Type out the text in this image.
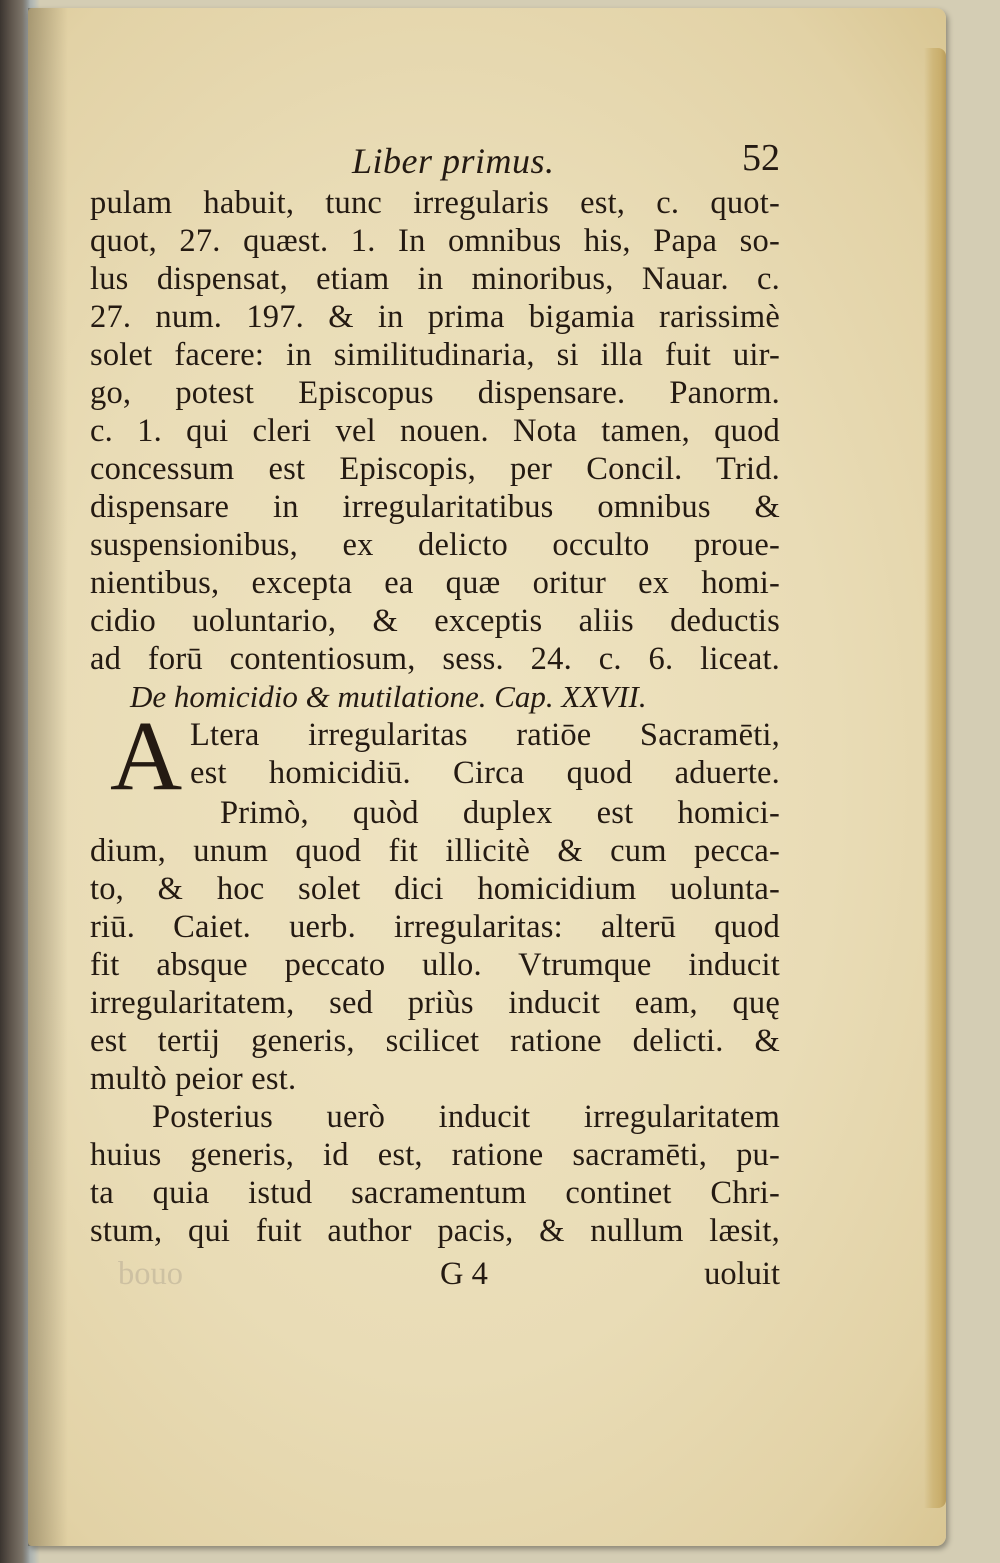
Liber primus.	52
pulam habuit, tunc irregularis est, c. quot-
quot, 27. quæst. 1. In omnibus his, Papa so-
lus dispensat, etiam in minoribus, Nauar. c.
27. num. 197. & in prima bigamia rarissimè
solet facere: in similitudinaria, si illa fuit uir-
go, potest Episcopus dispensare. Panorm.
c. 1. qui cleri vel nouen. Nota tamen, quod
concessum est Episcopis, per Concil. Trid.
dispensare in irregularitatibus omnibus &
suspensionibus, ex delicto occulto proue-
nientibus, excepta ea quæ oritur ex homi-
cidio uoluntario, & exceptis aliis deductis
ad forū contentiosum, sess. 24. c. 6. liceat.
De homicidio & mutilatione. Cap. XXVII.
A Ltera irregularitas ratiōe Sacramēti,
est homicidiū. Circa quod aduerte.
Primò, quòd duplex est homici-
dium, unum quod fit illicitè & cum pecca-
to, & hoc solet dici homicidium uolunta-
riū. Caiet. uerb. irregularitas: alterū quod
fit absque peccato ullo. Vtrumque inducit
irregularitatem, sed priùs inducit eam, quę
est tertij generis, scilicet ratione delicti. &
multò peior est.
Posterius uerò inducit irregularitatem
huius generis, id est, ratione sacramēti, pu-
ta quia istud sacramentum continet Chri-
stum, qui fuit author pacis, & nullum læsit,
bouo	G 4	uoluit
